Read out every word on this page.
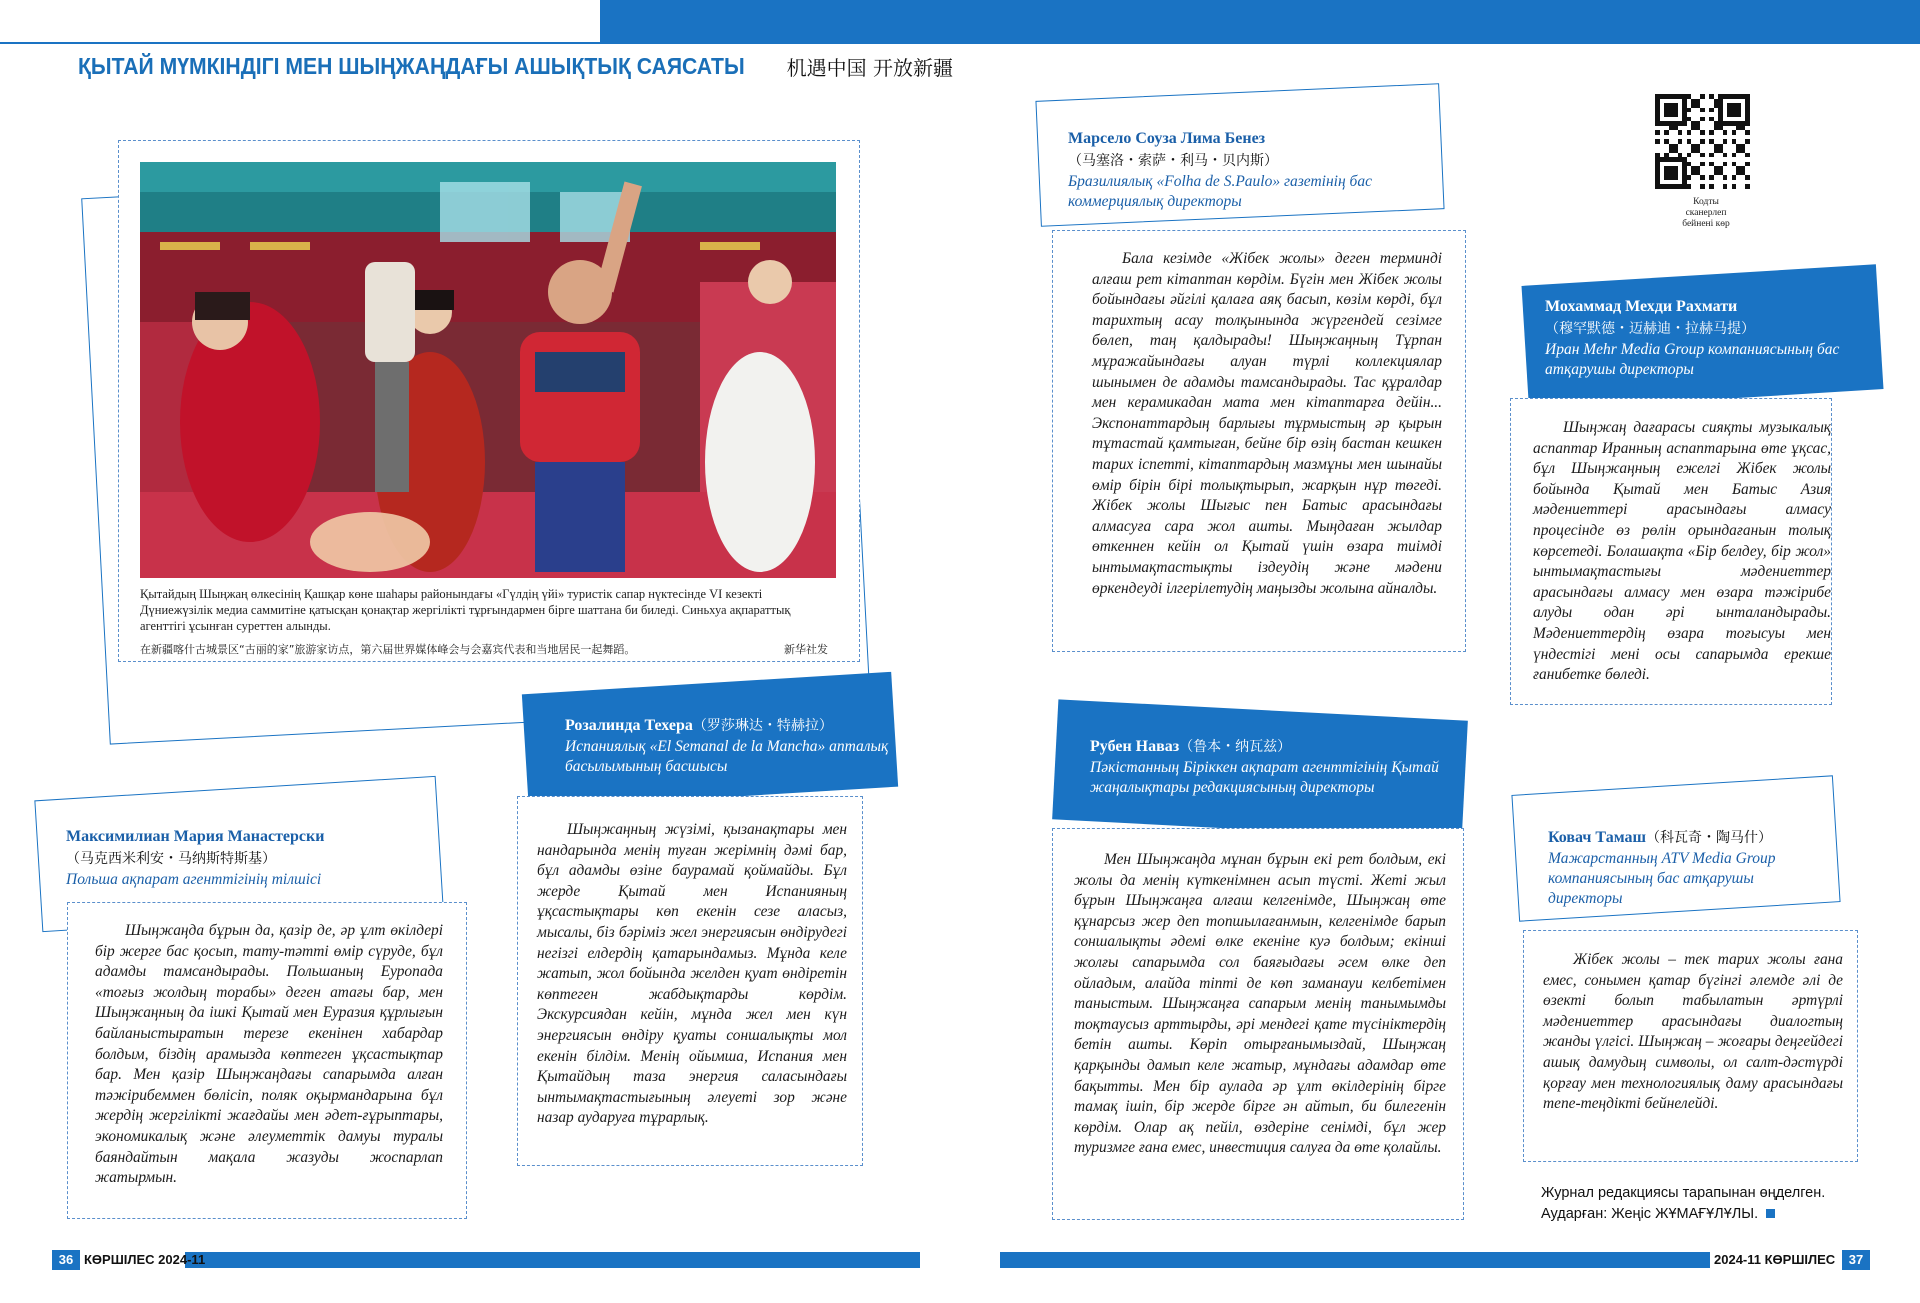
ҚЫТАЙ МҮМКІНДІГІ МЕН ШЫҢЖАҢДАҒЫ АШЫҚТЫҚ САЯСАТЫ 机遇中国 开放新疆
Қытайдың Шыңжаң өлкесінің Қашқар көне шаһары районындағы «Гүлдің үйі» туристік сапар нүктесінде VI кезекті Дүниежүзілік медиа саммитіне қатысқан қонақтар жергілікті тұрғындармен бірге шаттана би биледі. Синьхуа ақпараттық агенттігі ұсынған суреттен алынды.
在新疆喀什古城景区“古丽的家”旅游家访点，第六届世界媒体峰会与会嘉宾代表和当地居民一起舞蹈。	新华社发
Кодты сканерлеп бейнені көр
Марсело Соуза Лима Бенез
（马塞洛・索萨・利马・贝内斯）
Бразилиялық «Folha de S.Paulo» газетінің бас коммерциялық директоры

Бала кезімде «Жібек жолы» деген терминді алғаш рет кітаптан көрдім. Бүгін мен Жібек жолы бойындағы әйгілі қалаға аяқ басып, көзім көрді, бұл тарихтың асау толқынында жүргендей сезімге бөлеп, таң қалдырады! Шыңжаңның Тұрпан мұражайындағы алуан түрлі коллекциялар шынымен де адамды тамсандырады. Тас құралдар мен керамикадан мата мен кітаптарға дейін... Экспонаттардың барлығы тұрмыстың әр қырын тұтастай қамтыған, бейне бір өзің бастан кешкен тарих іспетті, кітаптардың мазмұны мен шынайы өмір бірін бірі толықтырып, жарқын нұр төгеді. Жібек жолы Шығыс пен Батыс арасындағы алмасуға сара жол ашты. Мыңдаған жылдар өткеннен кейін ол Қытай үшін өзара тиімді ынтымақтастықты іздеудің және мәдени өркендеуді ілгерілетудің маңызды жолына айналды.

Мохаммад Мехди Рахмати
（穆罕默德・迈赫迪・拉赫马提）
Иран Mehr Media Group компаниясының бас атқарушы директоры

Шыңжаң дағарасы сияқты музыкалық аспаптар Иранның аспаптарына өте ұқсас, бұл Шыңжаңның ежелгі Жібек жолы бойында Қытай мен Батыс Азия мәдениеттері арасындағы алмасу процесінде өз рөлін орындағанын толық көрсетеді. Болашақта «Бір белдеу, бір жол» ынтымақтастығы мәдениеттер арасындағы алмасу мен өзара тәжірибе алуды одан әрі ынталандырады. Мәдениеттердің өзара тоғысуы мен үндестігі мені осы сапарымда ерекше ғанибетке бөледі.

Максимилиан Мария Манастерски
（马克西米利安・马纳斯特斯基）
Польша ақпарат агенттігінің тілшісі

Шыңжаңда бұрын да, қазір де, әр ұлт өкілдері бір жерге бас қосып, тату-тәтті өмір сүруде, бұл адамды тамсандырады. Польшаның Еуропада «тоғыз жолдың торабы» деген атағы бар, мен Шыңжаңның да ішкі Қытай мен Еуразия құрлығын байланыстыратын терезе екенінен хабардар болдым, біздің арамызда көптеген ұқсастықтар бар. Мен қазір Шыңжаңдағы сапарымда алған тәжірибеммен бөлісіп, поляк оқырмандарына бұл жердің жергілікті жағдайы мен әдет-ғұрыптары, экономикалық және әлеуметтік дамуы туралы баяндайтын мақала жазуды жоспарлап жатырмын.

Розалинда Техера（罗莎琳达・特赫拉）
Испаниялық «El Semanal de la Mancha» апталық басылымының басшысы

Шыңжаңның жүзімі, қызанақтары мен нандарында менің туған жерімнің дәмі бар, бұл адамды өзіне баурамай қоймайды. Бұл жерде Қытай мен Испанияның ұқсастықтары көп екенін сезе аласыз, мысалы, біз бәріміз жел энергиясын өндірудегі негізгі елдердің қатарындамыз. Мұнда келе жатып, жол бойында желден қуат өндіретін көптеген жабдықтарды көрдім. Экскурсиядан кейін, мұнда жел мен күн энергиясын өндіру қуаты соншалықты мол екенін білдім. Менің ойымша, Испания мен Қытайдың таза энергия саласындағы ынтымақтастығының әлеуеті зор және назар аударуға тұрарлық.

Рубен Наваз（鲁本・纳瓦兹）
Пәкістанның Біріккен ақпарат агенттігінің Қытай жаңалықтары редакциясының директоры

Мен Шыңжаңда мұнан бұрын екі рет болдым, екі жолы да менің күткенімнен асып түсті. Жеті жыл бұрын Шыңжаңға алғаш келгенімде, Шыңжаң өте құнарсыз жер деп топшылағанмын, келгенімде барып соншалықты әдемі өлке екеніне куә болдым; екінші жолғы сапарымда сол баяғыдағы әсем өлке деп ойладым, алайда тіпті де көп заманауи келбетімен таныстым. Шыңжаңға сапарым менің танымымды тоқтаусыз арттырды, әрі мендегі қате түсініктердің бетін ашты. Көріп отырғанымыздай, Шыңжаң қарқынды дамып келе жатыр, мұндағы адамдар өте бақытты. Мен бір аулада әр ұлт өкілдерінің бірге тамақ ішіп, бір жерде бірге ән айтып, би билегенін көрдім. Олар ақ пейіл, өздеріне сенімді, бұл жер туризмге ғана емес, инвестиция салуға да өте қолайлы.

Ковач Тамаш（科瓦奇・陶马什）
Мажарстанның ATV Media Group компаниясының бас атқарушы директоры

Жібек жолы – тек тарих жолы ғана емес, сонымен қатар бүгінгі әлемде әлі де өзекті болып табылатын әртүрлі мәдениеттер арасындағы диалогтың жанды үлгісі. Шыңжаң – жоғары деңгейдегі ашық дамудың символы, ол салт-дәстүрді қорғау мен технологиялық даму арасындағы тепе-теңдікті бейнелейді.

Журнал редакциясы тарапынан өңделген.
Аударған: Жеңіс ЖҰМАҒҰЛҰЛЫ.
36 КӨРШІЛЕС 2024-11	2024-11 КӨРШІЛЕС	37
